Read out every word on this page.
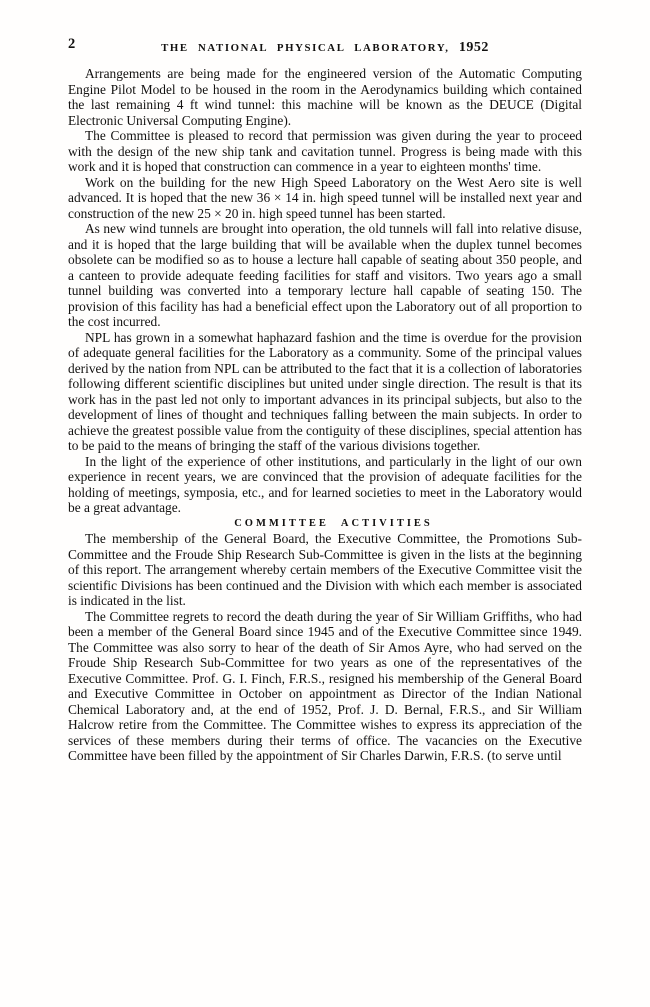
2	THE NATIONAL PHYSICAL LABORATORY, 1952

Arrangements are being made for the engineered version of the Automatic Computing Engine Pilot Model to be housed in the room in the Aerodynamics building which contained the last remaining 4 ft wind tunnel: this machine will be known as the DEUCE (Digital Electronic Universal Computing Engine).

The Committee is pleased to record that permission was given during the year to proceed with the design of the new ship tank and cavitation tunnel. Progress is being made with this work and it is hoped that construction can commence in a year to eighteen months' time.

Work on the building for the new High Speed Laboratory on the West Aero site is well advanced. It is hoped that the new 36 × 14 in. high speed tunnel will be installed next year and construction of the new 25 × 20 in. high speed tunnel has been started.

As new wind tunnels are brought into operation, the old tunnels will fall into relative disuse, and it is hoped that the large building that will be available when the duplex tunnel becomes obsolete can be modified so as to house a lecture hall capable of seating about 350 people, and a canteen to provide adequate feeding facilities for staff and visitors. Two years ago a small tunnel building was converted into a temporary lecture hall capable of seating 150. The provision of this facility has had a beneficial effect upon the Laboratory out of all proportion to the cost incurred.

NPL has grown in a somewhat haphazard fashion and the time is overdue for the provision of adequate general facilities for the Laboratory as a community. Some of the principal values derived by the nation from NPL can be attributed to the fact that it is a collection of laboratories following different scientific disciplines but united under single direction. The result is that its work has in the past led not only to important advances in its principal subjects, but also to the development of lines of thought and techniques falling between the main subjects. In order to achieve the greatest possible value from the contiguity of these disciplines, special attention has to be paid to the means of bringing the staff of the various divisions together.

In the light of the experience of other institutions, and particularly in the light of our own experience in recent years, we are convinced that the provision of adequate facilities for the holding of meetings, symposia, etc., and for learned societies to meet in the Laboratory would be a great advantage.

COMMITTEE ACTIVITIES

The membership of the General Board, the Executive Committee, the Promotions Sub-Committee and the Froude Ship Research Sub-Committee is given in the lists at the beginning of this report. The arrangement whereby certain members of the Executive Committee visit the scientific Divisions has been continued and the Division with which each member is associated is indicated in the list.

The Committee regrets to record the death during the year of Sir William Griffiths, who had been a member of the General Board since 1945 and of the Executive Committee since 1949. The Committee was also sorry to hear of the death of Sir Amos Ayre, who had served on the Froude Ship Research Sub-Committee for two years as one of the representatives of the Executive Committee. Prof. G. I. Finch, F.R.S., resigned his membership of the General Board and Executive Committee in October on appointment as Director of the Indian National Chemical Laboratory and, at the end of 1952, Prof. J. D. Bernal, F.R.S., and Sir William Halcrow retire from the Committee. The Committee wishes to express its appreciation of the services of these members during their terms of office. The vacancies on the Executive Committee have been filled by the appointment of Sir Charles Darwin, F.R.S. (to serve until
